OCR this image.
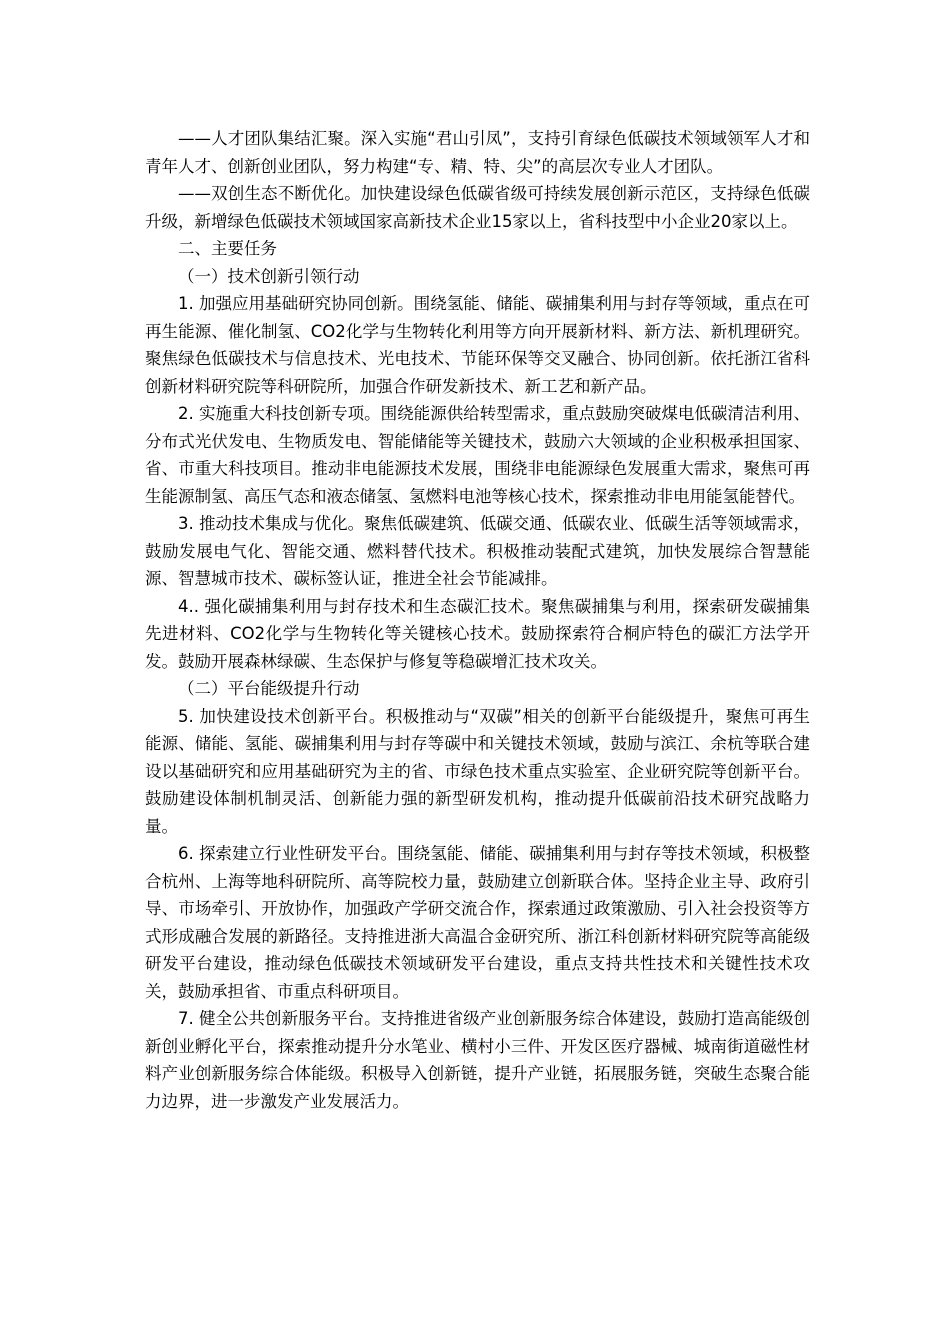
——人才团队集结汇聚。深入实施“君山引凤”，支持引育绿色低碳技术领域领军人才和青年人才、创新创业团队，努力构建“专、精、特、尖”的高层次专业人才团队。

——双创生态不断优化。加快建设绿色低碳省级可持续发展创新示范区，支持绿色低碳升级，新增绿色低碳技术领域国家高新技术企业15家以上，省科技型中小企业20家以上。

二、主要任务

（一）技术创新引领行动

1. 加强应用基础研究协同创新。围绕氢能、储能、碳捕集利用与封存等领域，重点在可再生能源、催化制氢、CO2化学与生物转化利用等方向开展新材料、新方法、新机理研究。聚焦绿色低碳技术与信息技术、光电技术、节能环保等交叉融合、协同创新。依托浙江省科创新材料研究院等科研院所，加强合作研发新技术、新工艺和新产品。

2. 实施重大科技创新专项。围绕能源供给转型需求，重点鼓励突破煤电低碳清洁利用、分布式光伏发电、生物质发电、智能储能等关键技术，鼓励六大领域的企业积极承担国家、省、市重大科技项目。推动非电能源技术发展，围绕非电能源绿色发展重大需求，聚焦可再生能源制氢、高压气态和液态储氢、氢燃料电池等核心技术，探索推动非电用能氢能替代。

3. 推动技术集成与优化。聚焦低碳建筑、低碳交通、低碳农业、低碳生活等领域需求，鼓励发展电气化、智能交通、燃料替代技术。积极推动装配式建筑，加快发展综合智慧能源、智慧城市技术、碳标签认证，推进全社会节能减排。

4.. 强化碳捕集利用与封存技术和生态碳汇技术。聚焦碳捕集与利用，探索研发碳捕集先进材料、CO2化学与生物转化等关键核心技术。鼓励探索符合桐庐特色的碳汇方法学开发。鼓励开展森林绿碳、生态保护与修复等稳碳增汇技术攻关。

（二）平台能级提升行动

5. 加快建设技术创新平台。积极推动与“双碳”相关的创新平台能级提升，聚焦可再生能源、储能、氢能、碳捕集利用与封存等碳中和关键技术领域，鼓励与滨江、余杭等联合建设以基础研究和应用基础研究为主的省、市绿色技术重点实验室、企业研究院等创新平台。鼓励建设体制机制灵活、创新能力强的新型研发机构，推动提升低碳前沿技术研究战略力量。

6. 探索建立行业性研发平台。围绕氢能、储能、碳捕集利用与封存等技术领域，积极整合杭州、上海等地科研院所、高等院校力量，鼓励建立创新联合体。坚持企业主导、政府引导、市场牵引、开放协作，加强政产学研交流合作，探索通过政策激励、引入社会投资等方式形成融合发展的新路径。支持推进浙大高温合金研究所、浙江科创新材料研究院等高能级研发平台建设，推动绿色低碳技术领域研发平台建设，重点支持共性技术和关键性技术攻关，鼓励承担省、市重点科研项目。

7. 健全公共创新服务平台。支持推进省级产业创新服务综合体建设，鼓励打造高能级创新创业孵化平台，探索推动提升分水笔业、横村小三件、开发区医疗器械、城南街道磁性材料产业创新服务综合体能级。积极导入创新链，提升产业链，拓展服务链，突破生态聚合能力边界，进一步激发产业发展活力。
